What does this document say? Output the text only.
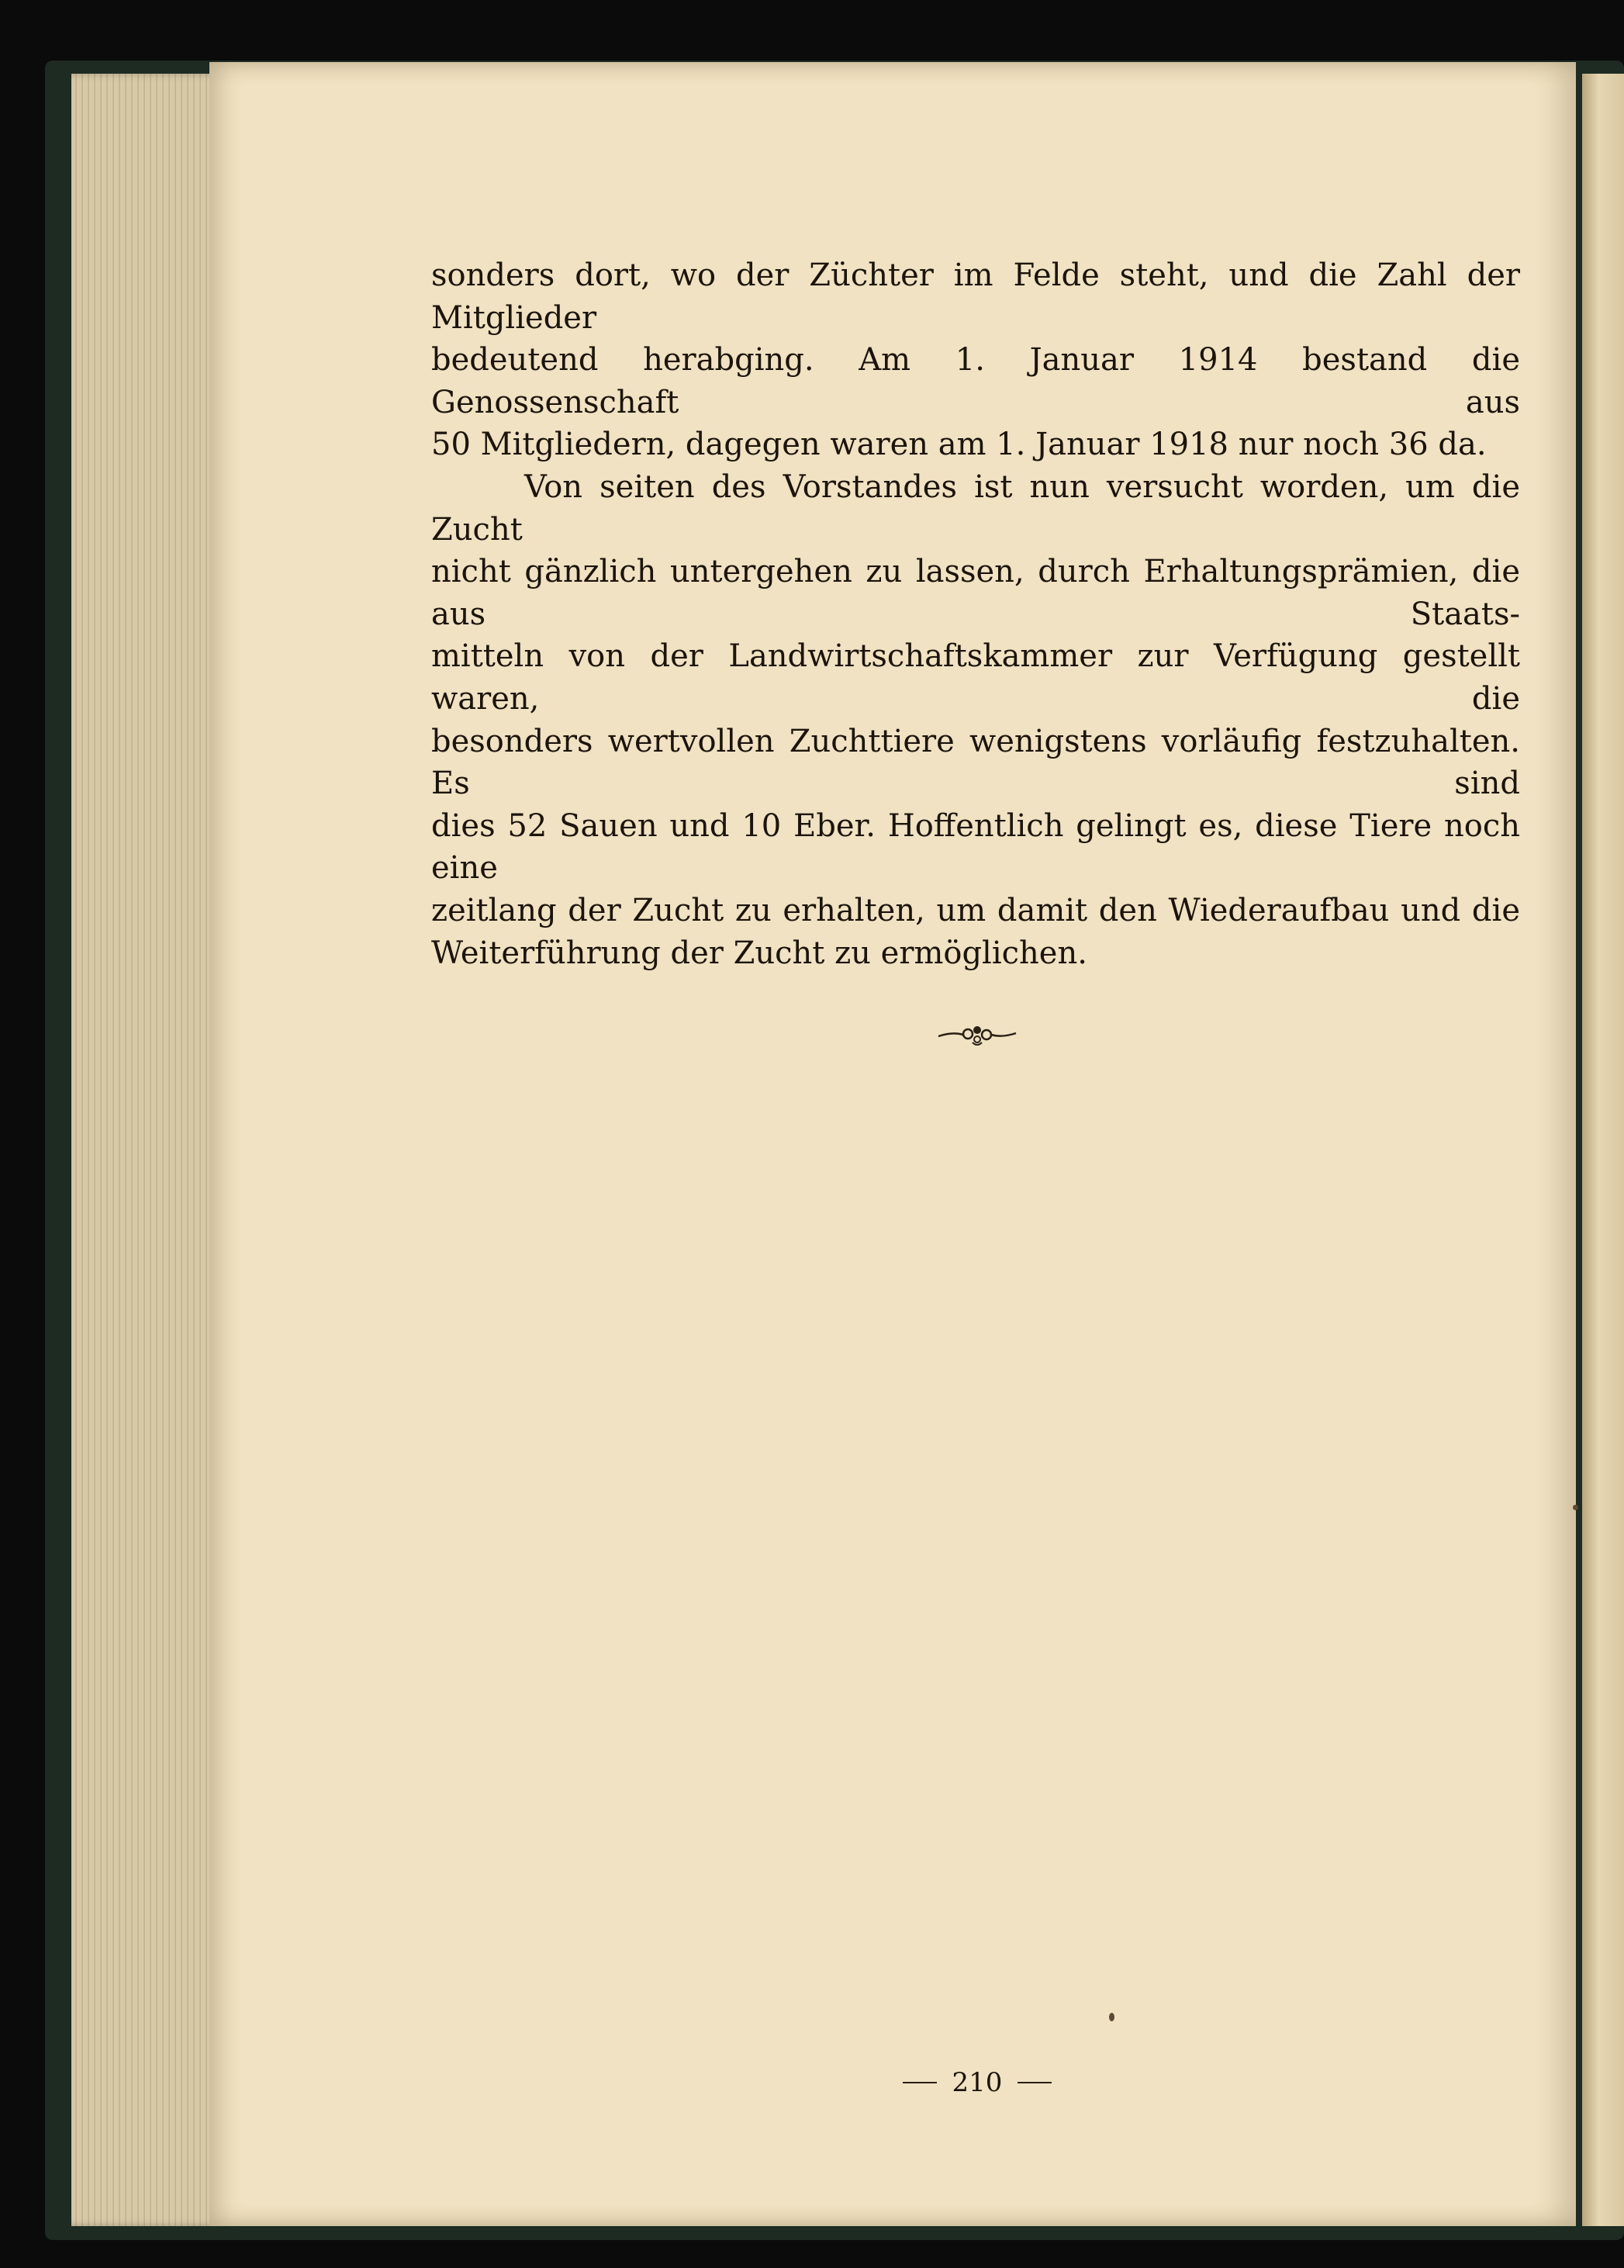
sonders dort, wo der Züchter im Felde steht, und die Zahl der Mitglieder

bedeutend herabging. Am 1. Januar 1914 bestand die Genossenschaft aus

50 Mitgliedern, dagegen waren am 1. Januar 1918 nur noch 36 da.

Von seiten des Vorstandes ist nun versucht worden, um die Zucht

nicht gänzlich untergehen zu lassen, durch Erhaltungsprämien, die aus Staats-

mitteln von der Landwirtschaftskammer zur Verfügung gestellt waren, die

besonders wertvollen Zuchttiere wenigstens vorläufig festzuhalten. Es sind

dies 52 Sauen und 10 Eber. Hoffentlich gelingt es, diese Tiere noch eine

zeitlang der Zucht zu erhalten, um damit den Wiederaufbau und die

Weiterführung der Zucht zu ermöglichen.

210
